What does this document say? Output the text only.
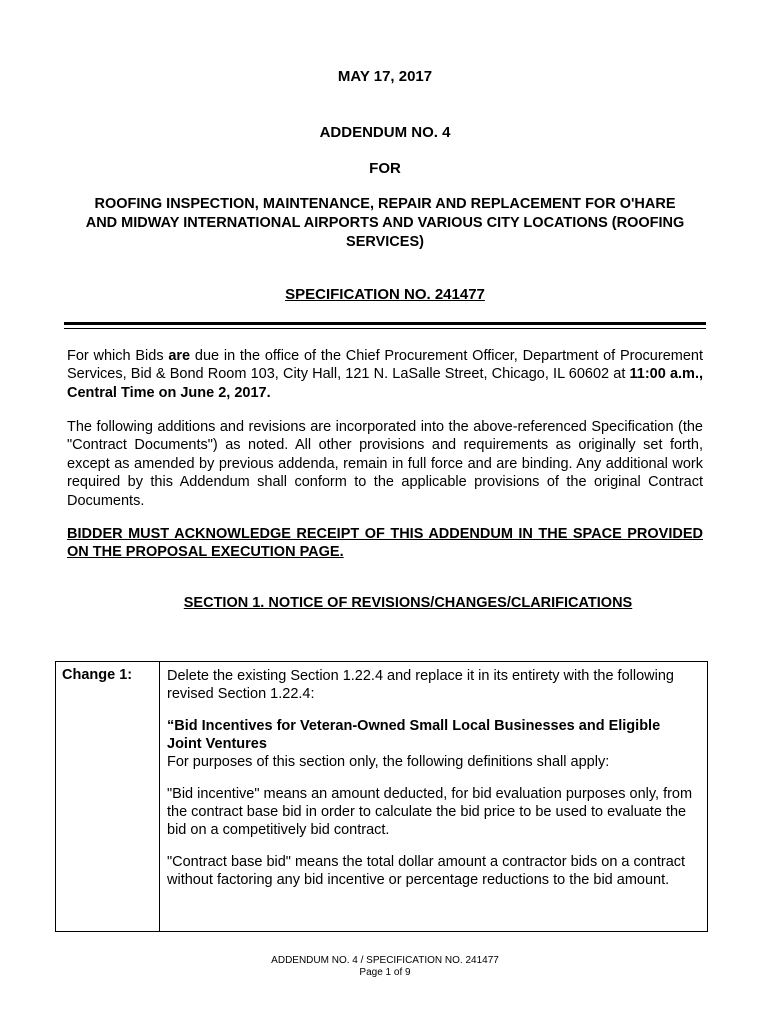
MAY 17, 2017
ADDENDUM NO. 4
FOR
ROOFING INSPECTION, MAINTENANCE, REPAIR AND REPLACEMENT FOR O'HARE
AND MIDWAY INTERNATIONAL AIRPORTS AND VARIOUS CITY LOCATIONS (ROOFING
SERVICES)
SPECIFICATION NO. 241477
For which Bids are due in the office of the Chief Procurement Officer, Department of Procurement Services, Bid & Bond Room 103, City Hall, 121 N. LaSalle Street, Chicago, IL 60602 at 11:00 a.m., Central Time on June 2, 2017.
The following additions and revisions are incorporated into the above-referenced Specification (the "Contract Documents") as noted. All other provisions and requirements as originally set forth, except as amended by previous addenda, remain in full force and are binding. Any additional work required by this Addendum shall conform to the applicable provisions of the original Contract Documents.
BIDDER MUST ACKNOWLEDGE RECEIPT OF THIS ADDENDUM IN THE SPACE PROVIDED ON THE PROPOSAL EXECUTION PAGE.
SECTION 1. NOTICE OF REVISIONS/CHANGES/CLARIFICATIONS
Change 1: Delete the existing Section 1.22.4 and replace it in its entirety with the following revised Section 1.22.4:

“Bid Incentives for Veteran-Owned Small Local Businesses and Eligible Joint Ventures
For purposes of this section only, the following definitions shall apply:

"Bid incentive" means an amount deducted, for bid evaluation purposes only, from the contract base bid in order to calculate the bid price to be used to evaluate the bid on a competitively bid contract.

"Contract base bid" means the total dollar amount a contractor bids on a contract without factoring any bid incentive or percentage reductions to the bid amount.

ADDENDUM NO. 4 / SPECIFICATION NO. 241477
Page 1 of 9
